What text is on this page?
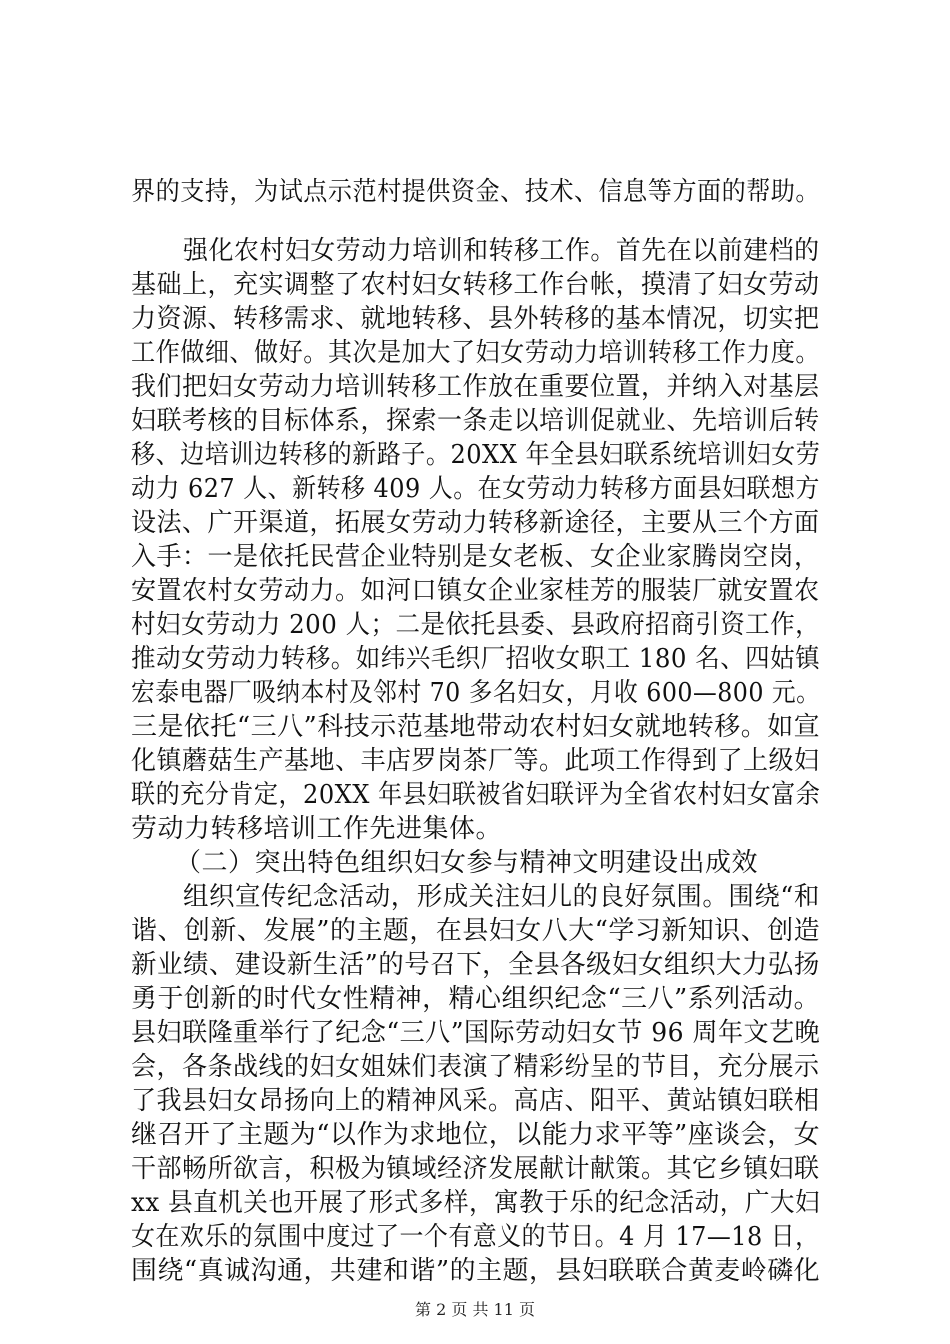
界的支持，为试点示范村提供资金、技术、信息等方面的帮助。
强化农村妇女劳动力培训和转移工作。首先在以前建档的
基础上，充实调整了农村妇女转移工作台帐，摸清了妇女劳动
力资源、转移需求、就地转移、县外转移的基本情况，切实把
工作做细、做好。其次是加大了妇女劳动力培训转移工作力度。
我们把妇女劳动力培训转移工作放在重要位置，并纳入对基层
妇联考核的目标体系，探索一条走以培训促就业、先培训后转
移、边培训边转移的新路子。20XX 年全县妇联系统培训妇女劳
动力 627 人、新转移 409 人。在女劳动力转移方面县妇联想方
设法、广开渠道，拓展女劳动力转移新途径，主要从三个方面
入手：一是依托民营企业特别是女老板、女企业家腾岗空岗，
安置农村女劳动力。如河口镇女企业家桂芳的服装厂就安置农
村妇女劳动力 200 人；二是依托县委、县政府招商引资工作，
推动女劳动力转移。如纬兴毛织厂招收女职工 180 名、四姑镇
宏泰电器厂吸纳本村及邻村 70 多名妇女，月收 600—800 元。
三是依托“三八”科技示范基地带动农村妇女就地转移。如宣
化镇蘑菇生产基地、丰店罗岗茶厂等。此项工作得到了上级妇
联的充分肯定，20XX 年县妇联被省妇联评为全省农村妇女富余
劳动力转移培训工作先进集体。
（二）突出特色组织妇女参与精神文明建设出成效
组织宣传纪念活动，形成关注妇儿的良好氛围。围绕“和
谐、创新、发展”的主题，在县妇女八大“学习新知识、创造
新业绩、建设新生活”的号召下，全县各级妇女组织大力弘扬
勇于创新的时代女性精神，精心组织纪念“三八”系列活动。
县妇联隆重举行了纪念“三八”国际劳动妇女节 96 周年文艺晚
会，各条战线的妇女姐妹们表演了精彩纷呈的节目，充分展示
了我县妇女昂扬向上的精神风采。高店、阳平、黄站镇妇联相
继召开了主题为“以作为求地位，以能力求平等”座谈会，女
干部畅所欲言，积极为镇域经济发展献计献策。其它乡镇妇联
xx 县直机关也开展了形式多样，寓教于乐的纪念活动，广大妇
女在欢乐的氛围中度过了一个有意义的节日。4 月 17—18 日，
围绕“真诚沟通，共建和谐”的主题，县妇联联合黄麦岭磷化
第 2 页 共 11 页
